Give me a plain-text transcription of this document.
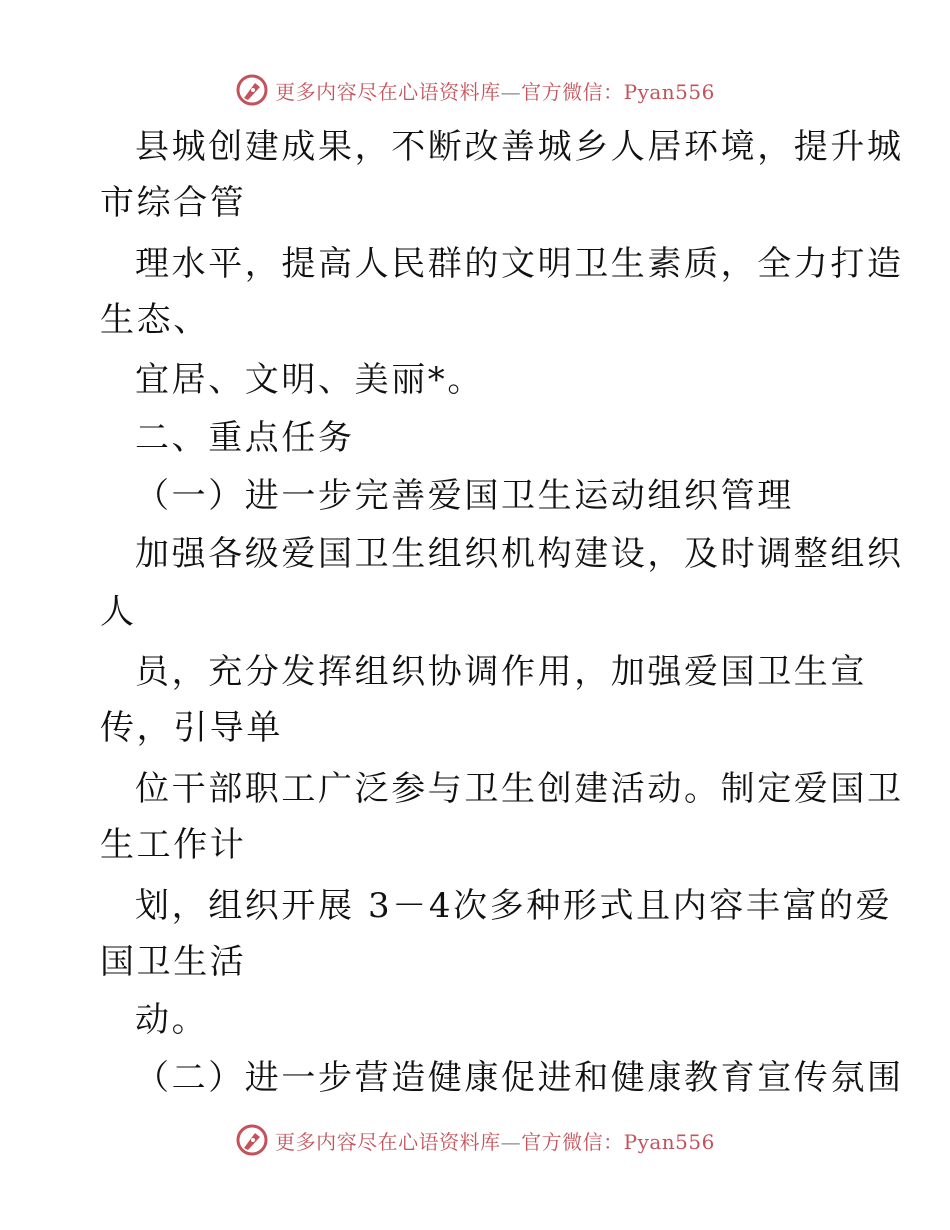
更多内容尽在心语资料库—官方微信：Pyan556
县城创建成果，不断改善城乡人居环境，提升城
市综合管
理水平，提高人民群的文明卫生素质，全力打造
生态、
宜居、文明、美丽*。
二、重点任务
（一）进一步完善爱国卫生运动组织管理
加强各级爱国卫生组织机构建设，及时调整组织
人
员，充分发挥组织协调作用，加强爱国卫生宣
传，引导单
位干部职工广泛参与卫生创建活动。制定爱国卫
生工作计
划，组织开展 3－4次多种形式且内容丰富的爱
国卫生活
动。
（二）进一步营造健康促进和健康教育宣传氛围
更多内容尽在心语资料库—官方微信：Pyan556
